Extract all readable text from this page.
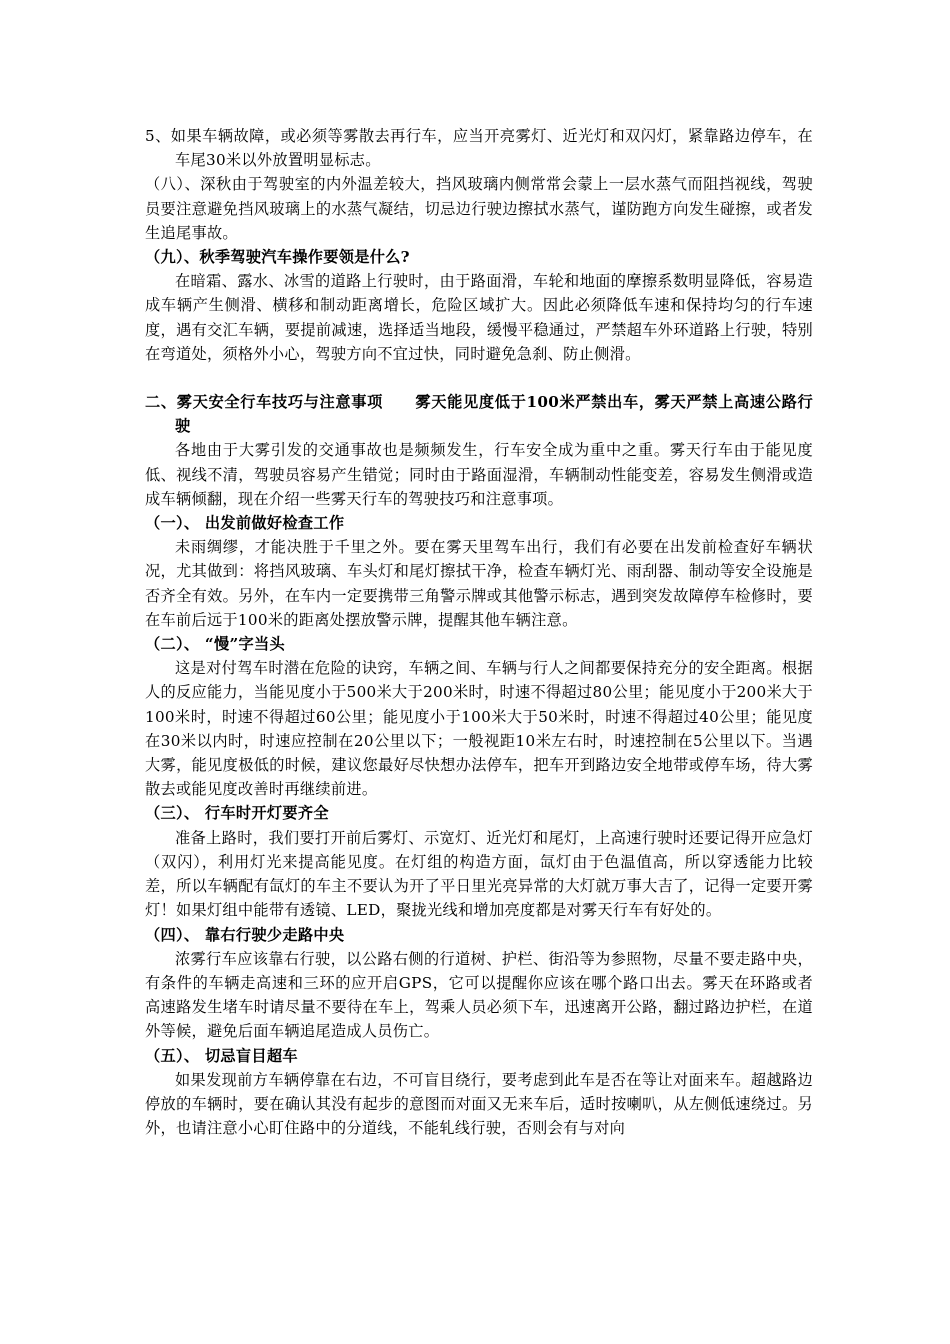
5、如果车辆故障，或必须等雾散去再行车，应当开亮雾灯、近光灯和双闪灯，紧靠路边停车，在车尾30米以外放置明显标志。

（八）、深秋由于驾驶室的内外温差较大，挡风玻璃内侧常常会蒙上一层水蒸气而阻挡视线，驾驶员要注意避免挡风玻璃上的水蒸气凝结，切忌边行驶边擦拭水蒸气，谨防跑方向发生碰擦，或者发生追尾事故。

（九）、秋季驾驶汽车操作要领是什么?

在暗霜、露水、冰雪的道路上行驶时，由于路面滑，车轮和地面的摩擦系数明显降低，容易造成车辆产生侧滑、横移和制动距离增长，危险区域扩大。因此必须降低车速和保持均匀的行车速度，遇有交汇车辆，要提前减速，选择适当地段，缓慢平稳通过，严禁超车外环道路上行驶，特别在弯道处，须格外小心，驾驶方向不宜过快，同时避免急刹、防止侧滑。

二、雾天安全行车技巧与注意事项 雾天能见度低于100米严禁出车，雾天严禁上高速公路行驶

各地由于大雾引发的交通事故也是频频发生，行车安全成为重中之重。雾天行车由于能见度低、视线不清，驾驶员容易产生错觉；同时由于路面湿滑，车辆制动性能变差，容易发生侧滑或造成车辆倾翻，现在介绍一些雾天行车的驾驶技巧和注意事项。

（一）、 出发前做好检查工作

未雨绸缪，才能决胜于千里之外。要在雾天里驾车出行，我们有必要在出发前检查好车辆状况，尤其做到：将挡风玻璃、车头灯和尾灯擦拭干净，检查车辆灯光、雨刮器、制动等安全设施是否齐全有效。另外，在车内一定要携带三角警示牌或其他警示标志，遇到突发故障停车检修时，要在车前后远于100米的距离处摆放警示牌，提醒其他车辆注意。

（二）、 “慢”字当头

这是对付驾车时潜在危险的诀窍，车辆之间、车辆与行人之间都要保持充分的安全距离。根据人的反应能力，当能见度小于500米大于200米时，时速不得超过80公里；能见度小于200米大于100米时，时速不得超过60公里；能见度小于100米大于50米时，时速不得超过40公里；能见度在30米以内时，时速应控制在20公里以下；一般视距10米左右时，时速控制在5公里以下。当遇大雾，能见度极低的时候，建议您最好尽快想办法停车，把车开到路边安全地带或停车场，待大雾散去或能见度改善时再继续前进。

（三）、 行车时开灯要齐全

准备上路时，我们要打开前后雾灯、示宽灯、近光灯和尾灯，上高速行驶时还要记得开应急灯（双闪），利用灯光来提高能见度。在灯组的构造方面，氙灯由于色温值高，所以穿透能力比较差，所以车辆配有氙灯的车主不要认为开了平日里光亮异常的大灯就万事大吉了，记得一定要开雾灯！如果灯组中能带有透镜、LED，聚拢光线和增加亮度都是对雾天行车有好处的。

（四）、 靠右行驶少走路中央

浓雾行车应该靠右行驶，以公路右侧的行道树、护栏、街沿等为参照物，尽量不要走路中央，有条件的车辆走高速和三环的应开启GPS，它可以提醒你应该在哪个路口出去。雾天在环路或者高速路发生堵车时请尽量不要待在车上，驾乘人员必须下车，迅速离开公路，翻过路边护栏，在道外等候，避免后面车辆追尾造成人员伤亡。

（五）、 切忌盲目超车

如果发现前方车辆停靠在右边，不可盲目绕行，要考虑到此车是否在等让对面来车。超越路边停放的车辆时，要在确认其没有起步的意图而对面又无来车后，适时按喇叭，从左侧低速绕过。另外，也请注意小心盯住路中的分道线，不能轧线行驶，否则会有与对向
